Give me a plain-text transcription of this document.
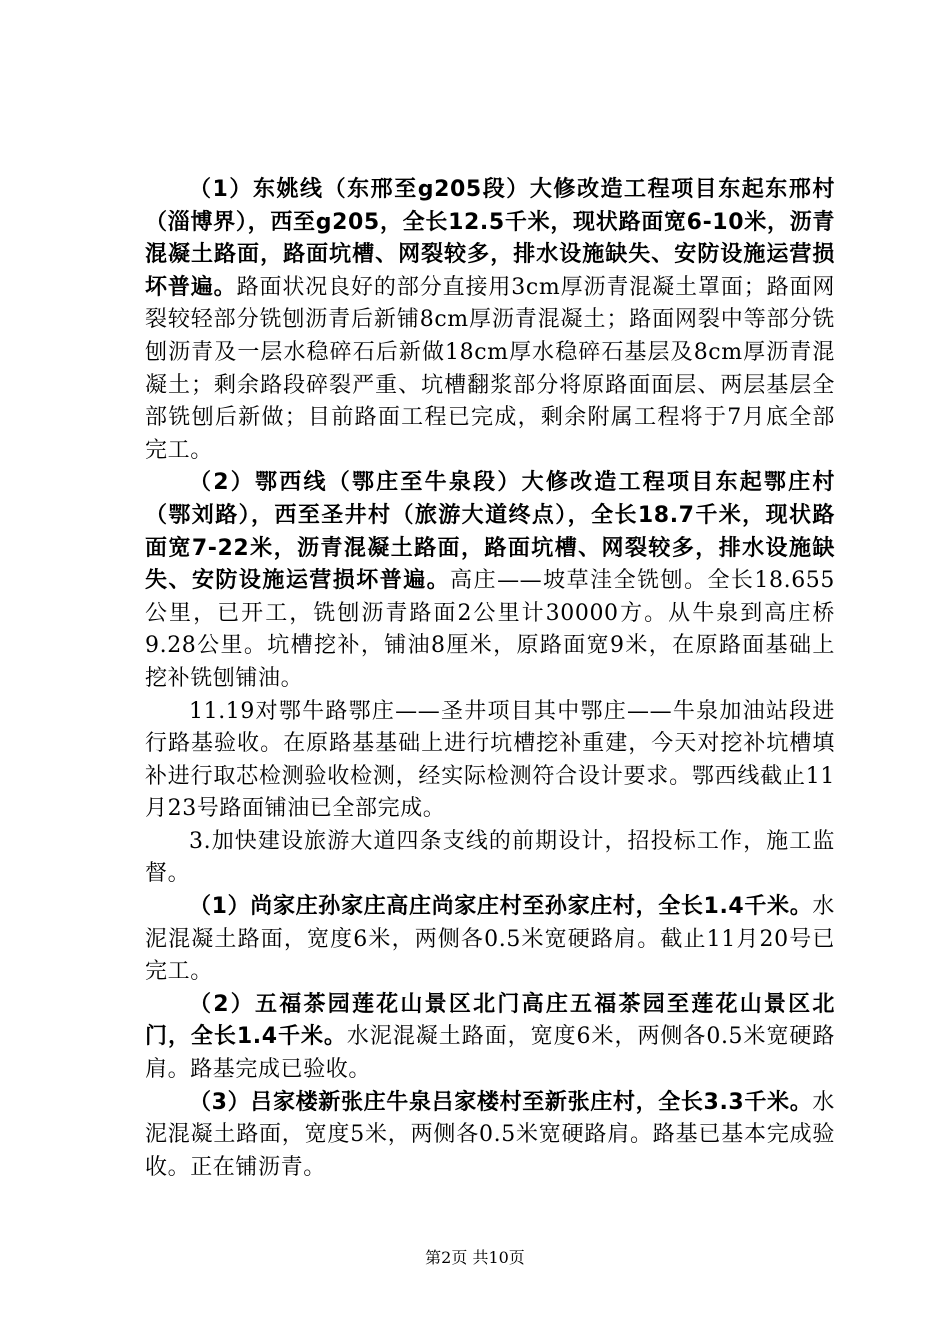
（1）东姚线（东邢至g205段）大修改造工程项目东起东邢村（淄博界），西至g205，全长12.5千米，现状路面宽6-10米，沥青混凝土路面，路面坑槽、网裂较多，排水设施缺失、安防设施运营损坏普遍。路面状况良好的部分直接用3cm厚沥青混凝土罩面；路面网裂较轻部分铣刨沥青后新铺8cm厚沥青混凝土；路面网裂中等部分铣刨沥青及一层水稳碎石后新做18cm厚水稳碎石基层及8cm厚沥青混凝土；剩余路段碎裂严重、坑槽翻浆部分将原路面面层、两层基层全部铣刨后新做；目前路面工程已完成，剩余附属工程将于7月底全部完工。

（2）鄂西线（鄂庄至牛泉段）大修改造工程项目东起鄂庄村（鄂刘路），西至圣井村（旅游大道终点），全长18.7千米，现状路面宽7-22米，沥青混凝土路面，路面坑槽、网裂较多，排水设施缺失、安防设施运营损坏普遍。高庄——坡草洼全铣刨。全长18.655公里，已开工，铣刨沥青路面2公里计30000方。从牛泉到高庄桥9.28公里。坑槽挖补，铺油8厘米，原路面宽9米，在原路面基础上挖补铣刨铺油。

11.19对鄂牛路鄂庄——圣井项目其中鄂庄——牛泉加油站段进行路基验收。在原路基基础上进行坑槽挖补重建，今天对挖补坑槽填补进行取芯检测验收检测，经实际检测符合设计要求。鄂西线截止11月23号路面铺油已全部完成。

3.加快建设旅游大道四条支线的前期设计，招投标工作，施工监督。

（1）尚家庄孙家庄高庄尚家庄村至孙家庄村，全长1.4千米。水泥混凝土路面，宽度6米，两侧各0.5米宽硬路肩。截止11月20号已完工。

（2）五福茶园莲花山景区北门高庄五福茶园至莲花山景区北门，全长1.4千米。水泥混凝土路面，宽度6米，两侧各0.5米宽硬路肩。路基完成已验收。

（3）吕家楼新张庄牛泉吕家楼村至新张庄村，全长3.3千米。水泥混凝土路面，宽度5米，两侧各0.5米宽硬路肩。路基已基本完成验收。正在铺沥青。

第2页 共10页
